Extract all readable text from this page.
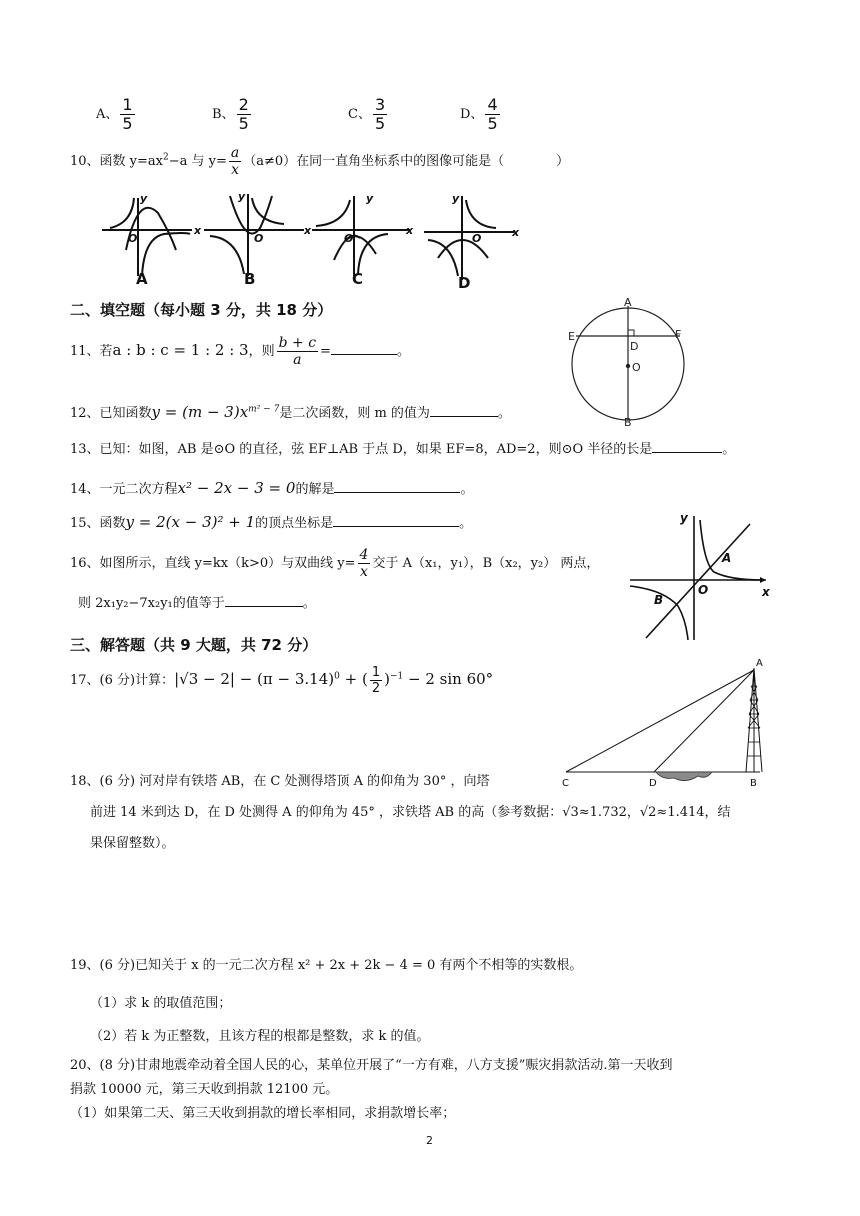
A、 $\frac{1}{5}$	B、 $\frac{2}{5}$	C、 $\frac{3}{5}$	D、 $\frac{4}{5}$
10、函数 $y=ax^2-a$ 与 $y= \frac{a}{x} (a\ne 0)$在同一直角坐标系中的图像可能是（　　　　）
x
y
O
x
y
O
x
y
O	x
y
O
A	B	C	D
二、填空题（每小题 3 分，共 18 分）	A
B
E	F
D
O
11、若a : b : c = 1 : 2 : 3，则 $\frac{b + c}{a}$ =	。
12、已知函数$y = (m - 3)x^{m^2 - 7}$是二次函数，则 m 的值为	。
13、已知：如图，AB 是⊙O 的直径，弦 EF⊥AB 于点 D，如果 EF=8，AD=2，则⊙O 半径的长是	。
14、一元二次方程x² − 2x − 3 = 0的解是	。
15、函数y = 2(x − 3)² + 1的顶点坐标是	。	y
x
O
A
B
16、如图所示，直线 y=kx（k>0）与双曲线 $y= \frac{4}{x}$ 交于 A（x₁，y₁），B（x₂，y₂） 两点，
则 2x₁y₂−7x₂y₁的值等于	。
三、解答题（共 9 大题，共 72 分）
17、(6 分)计算：$|√3 - 2| - (\pi - 3.14)^0$ + ( $\frac{1}{2} )^{-1} - 2$ sin 60°
A
B
C	D
18、(6 分) 河对岸有铁塔 AB，在 C 处测得塔顶 A 的仰角为 30° ，向塔
前进 14 米到达 D，在 D 处测得 A 的仰角为 45° ，求铁塔 AB 的高（参考数据：√3≈1.732，√2≈1.414，结
果保留整数）。
19、(6 分)已知关于 x 的一元二次方程 x² + 2x + 2k − 4 = 0 有两个不相等的实数根。
（1）求 k 的取值范围；
（2）若 k 为正整数，且该方程的根都是整数，求 k 的值。
20、(8 分)甘肃地震牵动着全国人民的心，某单位开展了“一方有难，八方支援”赈灾捐款活动.第一天收到
捐款 10000 元，第三天收到捐款 12100 元。
（1）如果第二天、第三天收到捐款的增长率相同，求捐款增长率；
2
